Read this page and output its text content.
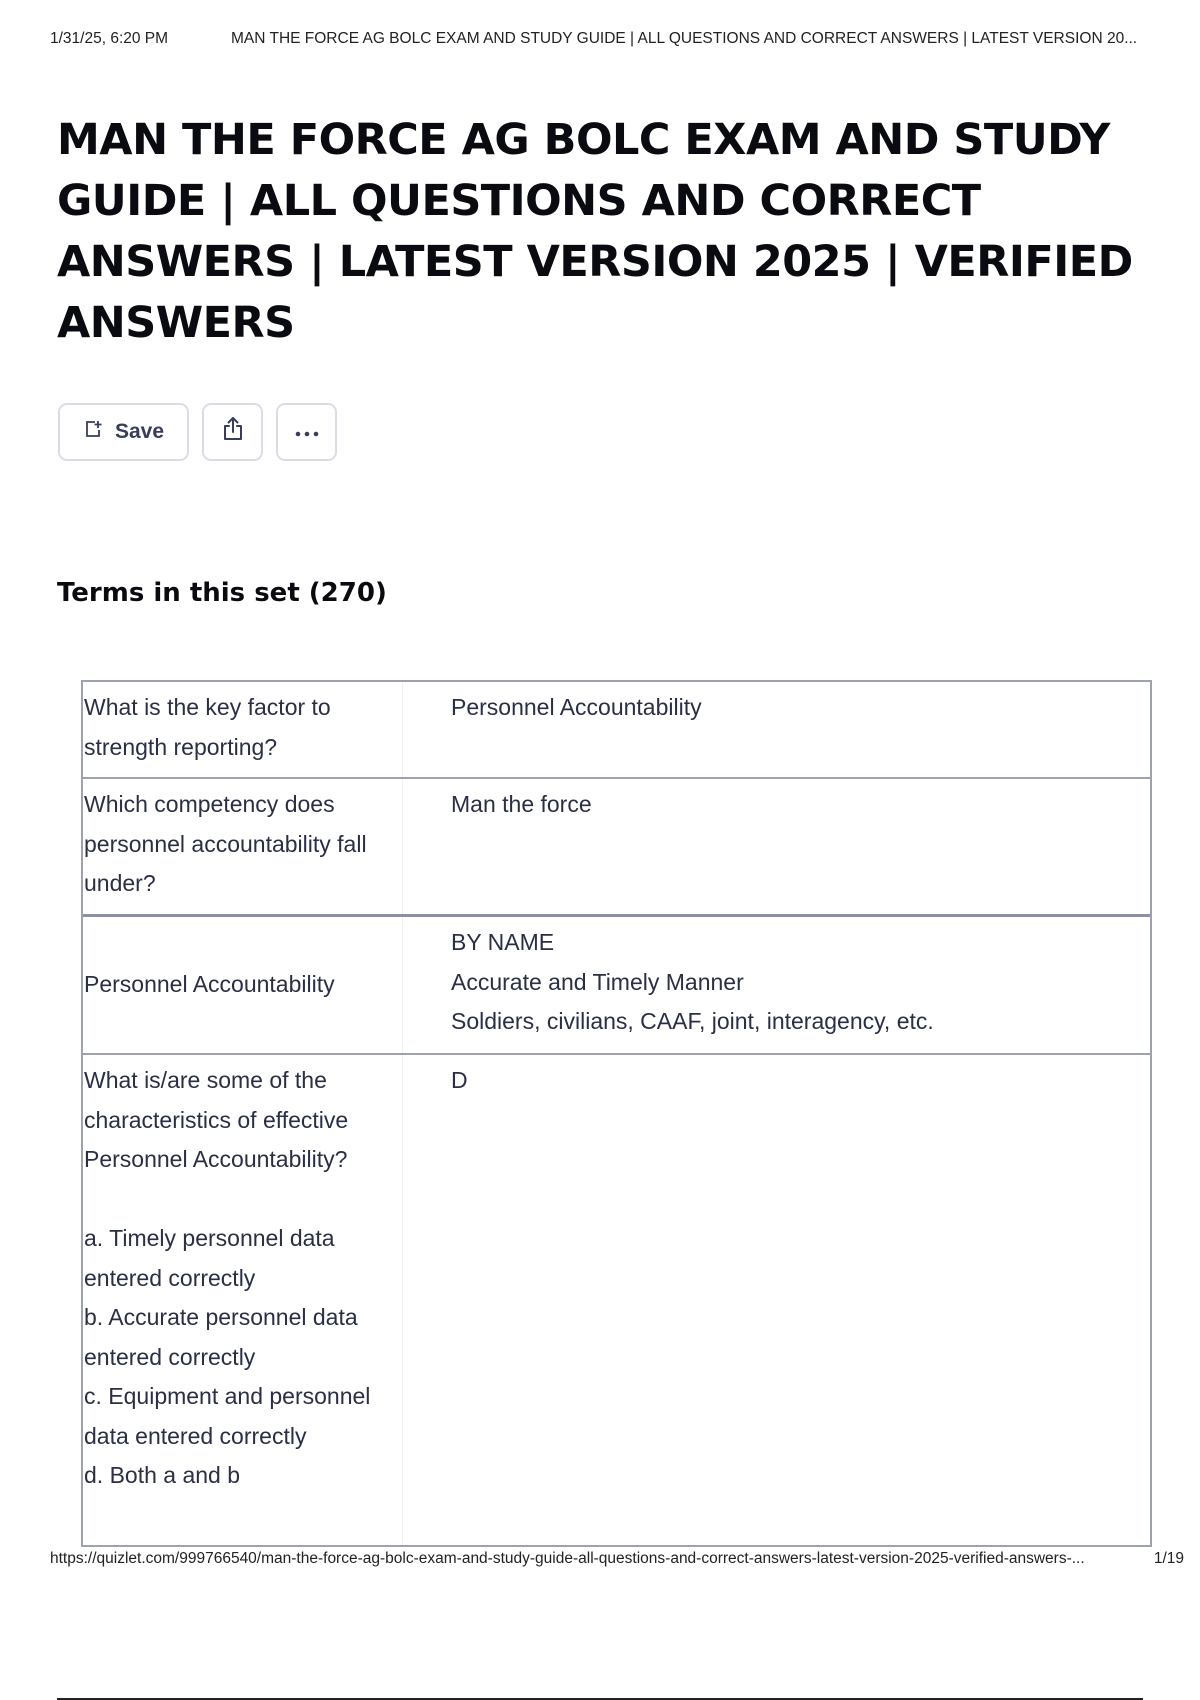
1/31/25, 6:20 PM	MAN THE FORCE AG BOLC EXAM AND STUDY GUIDE | ALL QUESTIONS AND CORRECT ANSWERS | LATEST VERSION 20...
MAN THE FORCE AG BOLC EXAM AND STUDY GUIDE | ALL QUESTIONS AND CORRECT ANSWERS | LATEST VERSION 2025 | VERIFIED ANSWERS
Save
Terms in this set (270)
What is the key factor to strength reporting?
Personnel Accountability
Which competency does personnel accountability fall under?
Man the force
Personnel Accountability
BY NAME
Accurate and Timely Manner
Soldiers, civilians, CAAF, joint, interagency, etc.
What is/are some of the characteristics of effective Personnel Accountability?

a. Timely personnel data entered correctly
b. Accurate personnel data entered correctly
c. Equipment and personnel data entered correctly
d. Both a and b
D
https://quizlet.com/999766540/man-the-force-ag-bolc-exam-and-study-guide-all-questions-and-correct-answers-latest-version-2025-verified-answers-...	1/19
